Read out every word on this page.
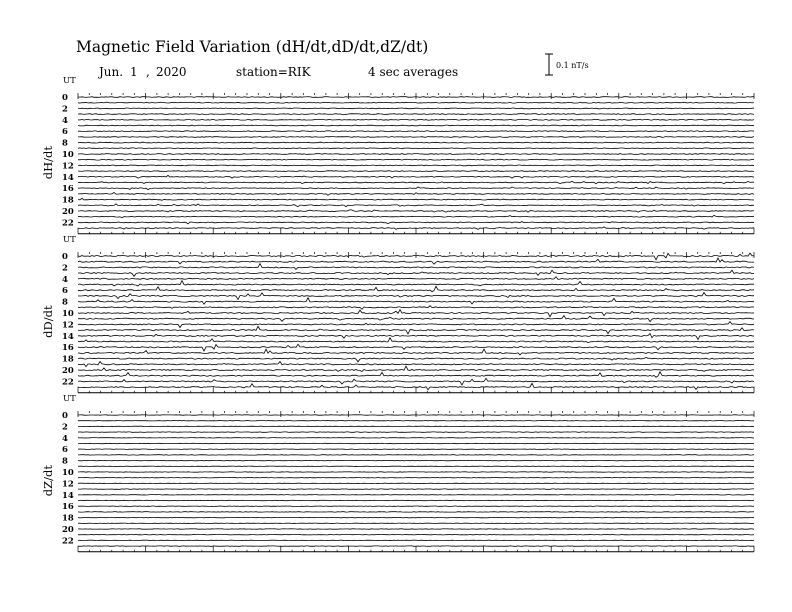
Magnetic Field Variation (dH/dt,dD/dt,dZ/dt)
Jun. 1 , 2020	station=RIK	4 sec averages	0.1 nT/s
UT
dH/dt
0
2
4
6
8
10
12
14
16
18
20
22
UT
dD/dt
0
2
4
6
8
10
12
14
16
18
20
22
UT
dZ/dt
0
2
4
6
8
10
12
14
16
18
20
22
